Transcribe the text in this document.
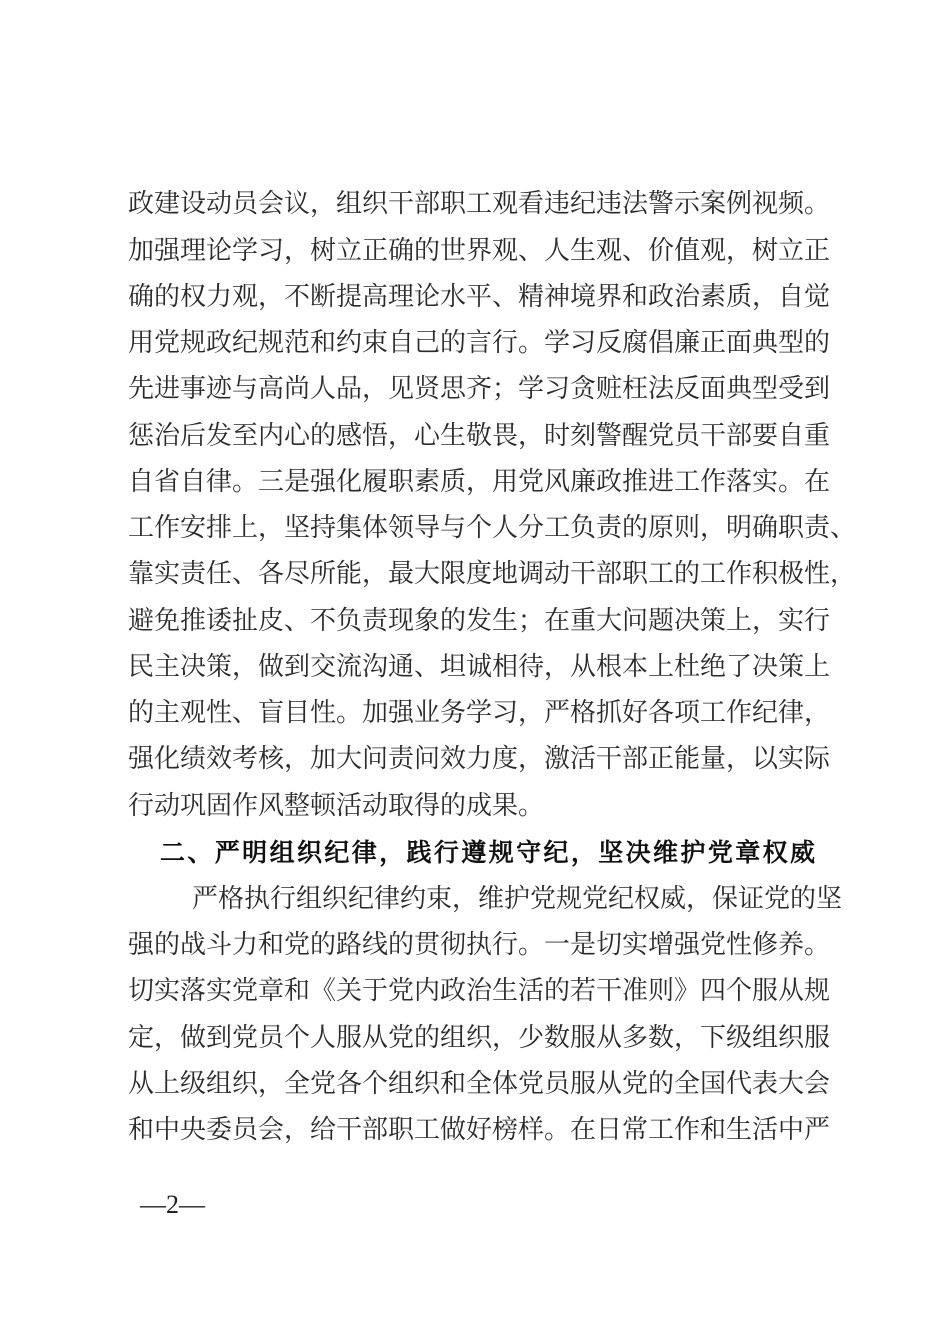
政建设动员会议，组织干部职工观看违纪违法警示案例视频。
加强理论学习，树立正确的世界观、人生观、价值观，树立正
确的权力观，不断提高理论水平、精神境界和政治素质，自觉
用党规政纪规范和约束自己的言行。学习反腐倡廉正面典型的
先进事迹与高尚人品，见贤思齐；学习贪赃枉法反面典型受到
惩治后发至内心的感悟，心生敬畏，时刻警醒党员干部要自重
自省自律。三是强化履职素质，用党风廉政推进工作落实。在
工作安排上，坚持集体领导与个人分工负责的原则，明确职责、
靠实责任、各尽所能，最大限度地调动干部职工的工作积极性，
避免推诿扯皮、不负责现象的发生；在重大问题决策上，实行
民主决策，做到交流沟通、坦诚相待，从根本上杜绝了决策上
的主观性、盲目性。加强业务学习，严格抓好各项工作纪律，
强化绩效考核，加大问责问效力度，激活干部正能量，以实际
行动巩固作风整顿活动取得的成果。
二、严明组织纪律，践行遵规守纪，坚决维护党章权威
严格执行组织纪律约束，维护党规党纪权威，保证党的坚
强的战斗力和党的路线的贯彻执行。一是切实增强党性修养。
切实落实党章和《关于党内政治生活的若干准则》四个服从规
定，做到党员个人服从党的组织，少数服从多数，下级组织服
从上级组织，全党各个组织和全体党员服从党的全国代表大会
和中央委员会，给干部职工做好榜样。在日常工作和生活中严
—2—
